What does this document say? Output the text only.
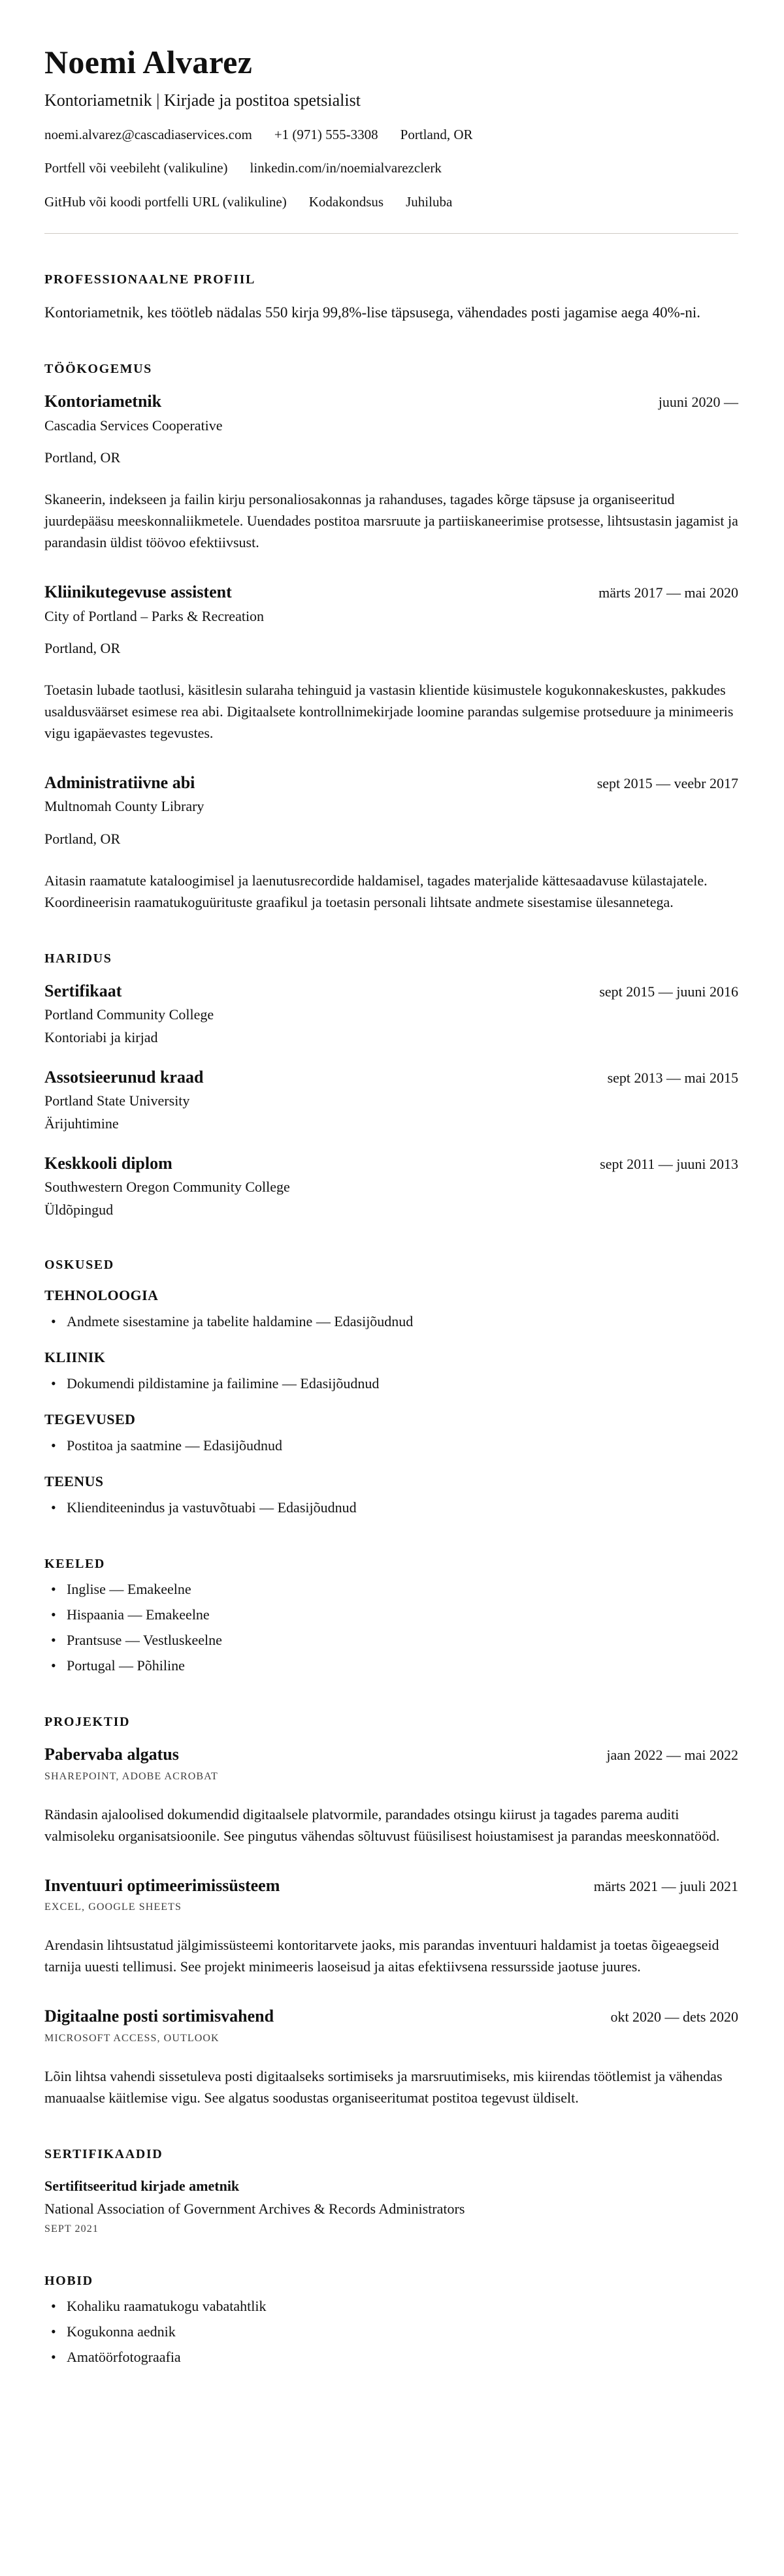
Noemi Alvarez
Kontoriametnik | Kirjade ja postitoa spetsialist
noemi.alvarez@cascadiaservices.com +1 (971) 555-3308 Portland, OR
Portfell või veebileht (valikuline) linkedin.com/in/noemialvarezclerk
GitHub või koodi portfelli URL (valikuline) Kodakondsus Juhiluba
PROFESSIONAALNE PROFIIL

Kontoriametnik, kes töötleb nädalas 550 kirja 99,8%-lise täpsusega, vähendades posti jagamise aega 40%-ni.

TÖÖKOGEMUS
Kontoriametnik	juuni 2020 —
Cascadia Services Cooperative
Portland, OR

Skaneerin, indekseen ja failin kirju personaliosakonnas ja rahanduses, tagades kõrge täpsuse ja organiseeritud juurdepääsu meeskonnaliikmetele. Uuendades postitoa marsruute ja partiiskaneerimise protsesse, lihtsustasin jagamist ja parandasin üldist töövoo efektiivsust.

Kliinikutegevuse assistent	märts 2017 — mai 2020
City of Portland – Parks & Recreation
Portland, OR

Toetasin lubade taotlusi, käsitlesin sularaha tehinguid ja vastasin klientide küsimustele kogukonnakeskustes, pakkudes usaldusväärset esimese rea abi. Digitaalsete kontrollnimekirjade loomine parandas sulgemise protseduure ja minimeeris vigu igapäevastes tegevustes.

Administratiivne abi	sept 2015 — veebr 2017
Multnomah County Library
Portland, OR

Aitasin raamatute kataloogimisel ja laenutusrecordide haldamisel, tagades materjalide kättesaadavuse külastajatele. Koordineerisin raamatukoguürituste graafikul ja toetasin personali lihtsate andmete sisestamise ülesannetega.

HARIDUS
Sertifikaat	sept 2015 — juuni 2016
Portland Community College
Kontoriabi ja kirjad
Assotsieerunud kraad	sept 2013 — mai 2015
Portland State University
Ärijuhtimine
Keskkooli diplom	sept 2011 — juuni 2013
Southwestern Oregon Community College
Üldõpingud
OSKUSED
TEHNOLOOGIA
• Andmete sisestamine ja tabelite haldamine — Edasijõudnud
KLIINIK
• Dokumendi pildistamine ja failimine — Edasijõudnud
TEGEVUSED
• Postitoa ja saatmine — Edasijõudnud
TEENUS
• Klienditeenindus ja vastuvõtuabi — Edasijõudnud
KEELED
• Inglise — Emakeelne
• Hispaania — Emakeelne
• Prantsuse — Vestluskeelne
• Portugal — Põhiline
PROJEKTID
Pabervaba algatus	jaan 2022 — mai 2022
SHAREPOINT, ADOBE ACROBAT

Rändasin ajaloolised dokumendid digitaalsele platvormile, parandades otsingu kiirust ja tagades parema auditi valmisoleku organisatsioonile. See pingutus vähendas sõltuvust füüsilisest hoiustamisest ja parandas meeskonnatööd.

Inventuuri optimeerimissüsteem	märts 2021 — juuli 2021
EXCEL, GOOGLE SHEETS

Arendasin lihtsustatud jälgimissüsteemi kontoritarvete jaoks, mis parandas inventuuri haldamist ja toetas õigeaegseid tarnija uuesti tellimusi. See projekt minimeeris laoseisud ja aitas efektiivsena ressursside jaotuse juures.

Digitaalne posti sortimisvahend	okt 2020 — dets 2020
MICROSOFT ACCESS, OUTLOOK

Lõin lihtsa vahendi sissetuleva posti digitaalseks sortimiseks ja marsruutimiseks, mis kiirendas töötlemist ja vähendas manuaalse käitlemise vigu. See algatus soodustas organiseeritumat postitoa tegevust üldiselt.

SERTIFIKAADID
Sertifitseeritud kirjade ametnik
National Association of Government Archives & Records Administrators
SEPT 2021
HOBID
• Kohaliku raamatukogu vabatahtlik
• Kogukonna aednik
• Amatöörfotograafia
